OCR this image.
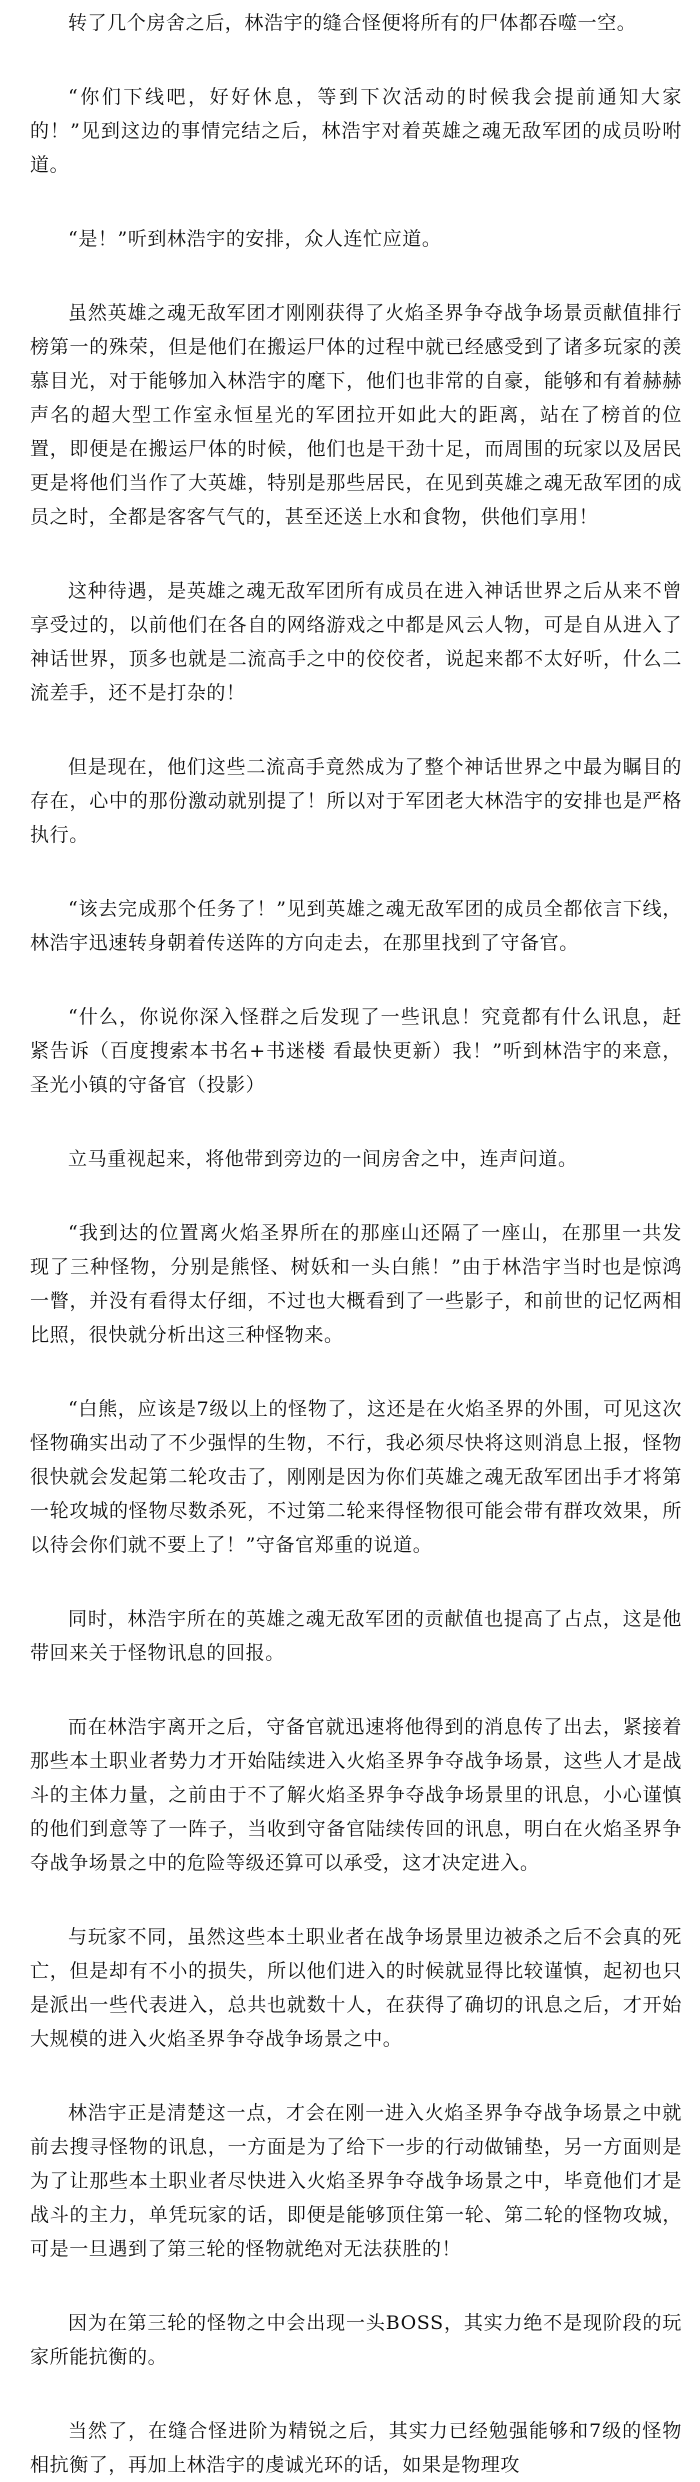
转了几个房舍之后，林浩宇的缝合怪便将所有的尸体都吞噬一空。

“你们下线吧，好好休息，等到下次活动的时候我会提前通知大家的！”见到这边的事情完结之后，林浩宇对着英雄之魂无敌军团的成员吩咐道。

“是！”听到林浩宇的安排，众人连忙应道。

虽然英雄之魂无敌军团才刚刚获得了火焰圣界争夺战争场景贡献值排行榜第一的殊荣，但是他们在搬运尸体的过程中就已经感受到了诸多玩家的羡慕目光，对于能够加入林浩宇的麾下，他们也非常的自豪，能够和有着赫赫声名的超大型工作室永恒星光的军团拉开如此大的距离，站在了榜首的位置，即便是在搬运尸体的时候，他们也是干劲十足，而周围的玩家以及居民更是将他们当作了大英雄，特别是那些居民，在见到英雄之魂无敌军团的成员之时，全都是客客气气的，甚至还送上水和食物，供他们享用！

这种待遇，是英雄之魂无敌军团所有成员在进入神话世界之后从来不曾享受过的，以前他们在各自的网络游戏之中都是风云人物，可是自从进入了神话世界，顶多也就是二流高手之中的佼佼者，说起来都不太好听，什么二流差手，还不是打杂的！

但是现在，他们这些二流高手竟然成为了整个神话世界之中最为瞩目的存在，心中的那份激动就别提了！所以对于军团老大林浩宇的安排也是严格执行。

“该去完成那个任务了！”见到英雄之魂无敌军团的成员全都依言下线，林浩宇迅速转身朝着传送阵的方向走去，在那里找到了守备官。

“什么，你说你深入怪群之后发现了一些讯息！究竟都有什么讯息，赶紧告诉（百度搜索本书名+书迷楼 看最快更新）我！”听到林浩宇的来意，圣光小镇的守备官（投影）

立马重视起来，将他带到旁边的一间房舍之中，连声问道。

“我到达的位置离火焰圣界所在的那座山还隔了一座山，在那里一共发现了三种怪物，分别是熊怪、树妖和一头白熊！”由于林浩宇当时也是惊鸿一瞥，并没有看得太仔细，不过也大概看到了一些影子，和前世的记忆两相比照，很快就分析出这三种怪物来。

“白熊，应该是7级以上的怪物了，这还是在火焰圣界的外围，可见这次怪物确实出动了不少强悍的生物，不行，我必须尽快将这则消息上报，怪物很快就会发起第二轮攻击了，刚刚是因为你们英雄之魂无敌军团出手才将第一轮攻城的怪物尽数杀死，不过第二轮来得怪物很可能会带有群攻效果，所以待会你们就不要上了！”守备官郑重的说道。

同时，林浩宇所在的英雄之魂无敌军团的贡献值也提高了占点，这是他带回来关于怪物讯息的回报。

而在林浩宇离开之后，守备官就迅速将他得到的消息传了出去，紧接着那些本土职业者势力才开始陆续进入火焰圣界争夺战争场景，这些人才是战斗的主体力量，之前由于不了解火焰圣界争夺战争场景里的讯息，小心谨慎的他们到意等了一阵子，当收到守备官陆续传回的讯息，明白在火焰圣界争夺战争场景之中的危险等级还算可以承受，这才决定进入。

与玩家不同，虽然这些本土职业者在战争场景里边被杀之后不会真的死亡，但是却有不小的损失，所以他们进入的时候就显得比较谨慎，起初也只是派出一些代表进入，总共也就数十人，在获得了确切的讯息之后，才开始大规模的进入火焰圣界争夺战争场景之中。

林浩宇正是清楚这一点，才会在刚一进入火焰圣界争夺战争场景之中就前去搜寻怪物的讯息，一方面是为了给下一步的行动做铺垫，另一方面则是为了让那些本土职业者尽快进入火焰圣界争夺战争场景之中，毕竟他们才是战斗的主力，单凭玩家的话，即便是能够顶住第一轮、第二轮的怪物攻城，可是一旦遇到了第三轮的怪物就绝对无法获胜的！

因为在第三轮的怪物之中会出现一头BOSS，其实力绝不是现阶段的玩家所能抗衡的。

当然了，在缝合怪进阶为精锐之后，其实力已经勉强能够和7级的怪物相抗衡了，再加上林浩宇的虔诚光环的话，如果是物理攻
